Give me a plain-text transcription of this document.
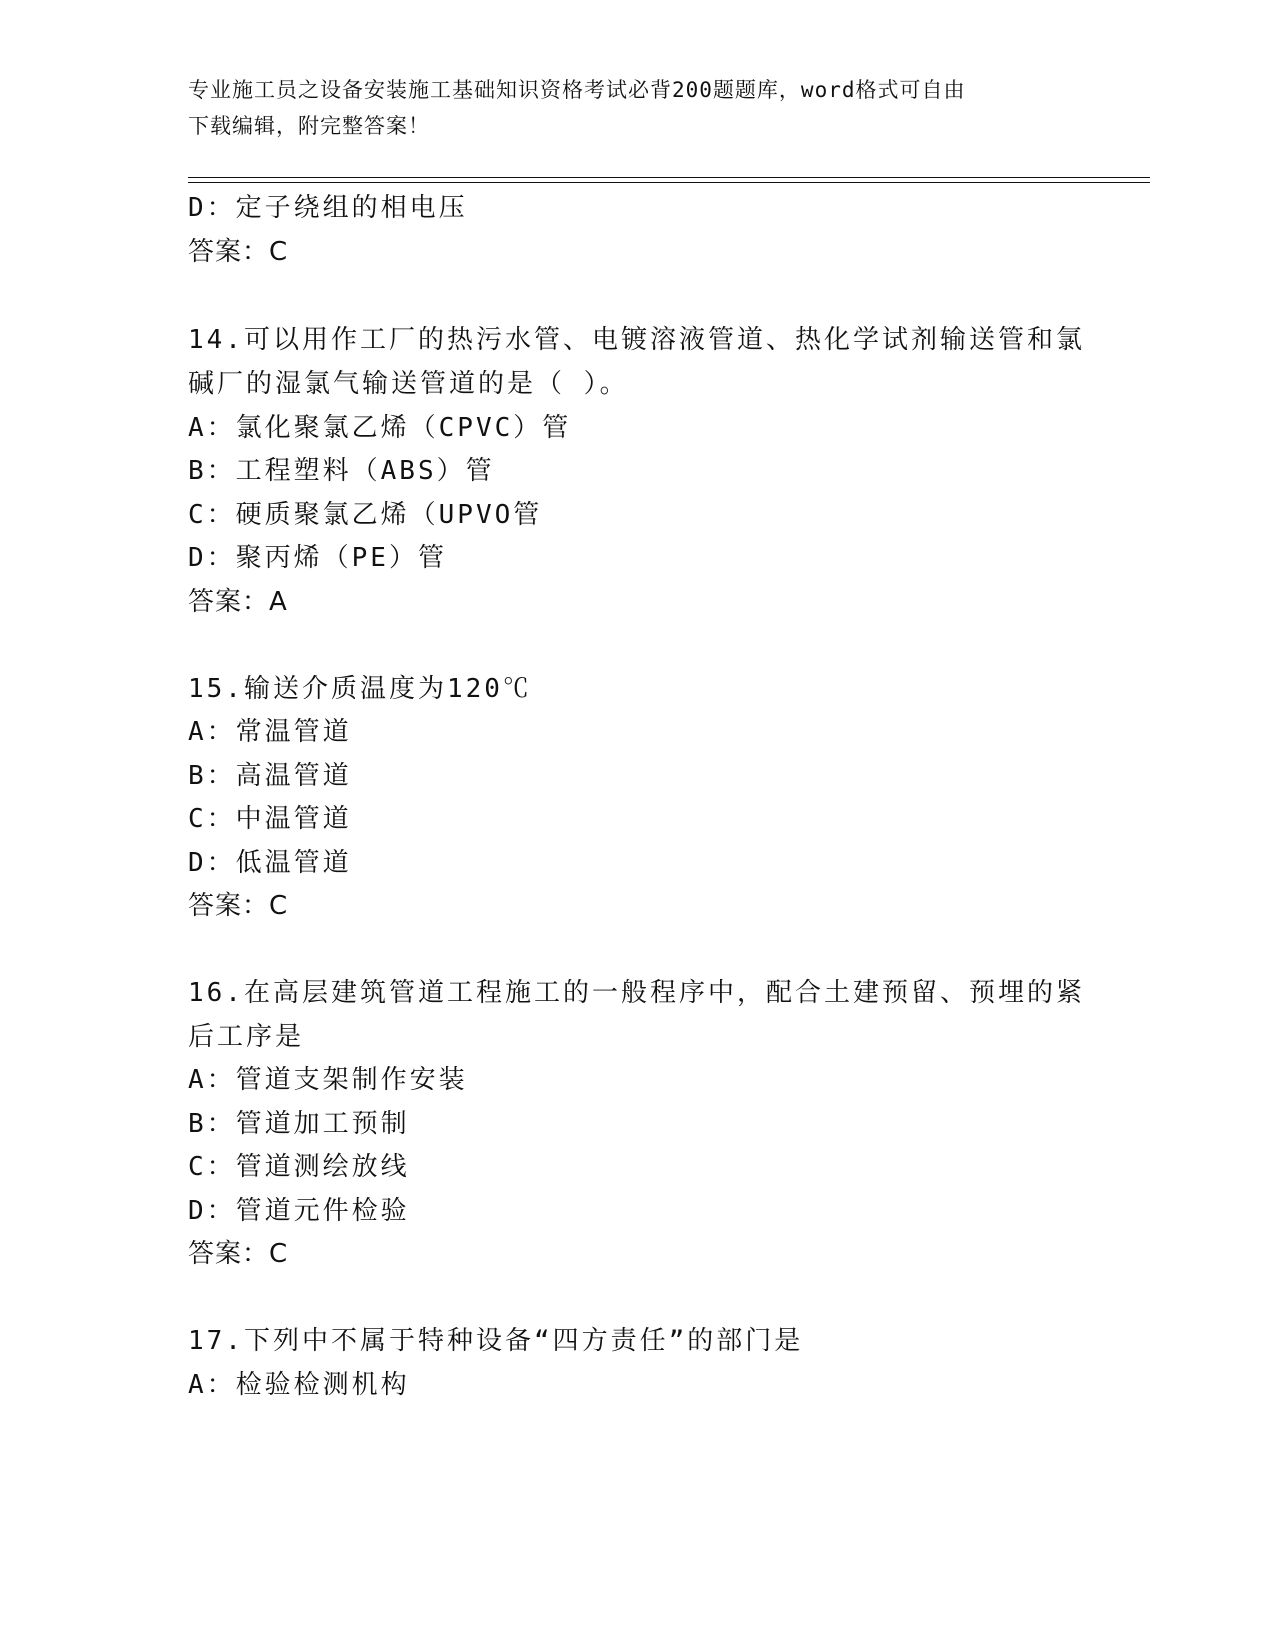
专业施工员之设备安装施工基础知识资格考试必背200题题库，word格式可自由
下载编辑，附完整答案！
D：定子绕组的相电压
答案：C
14.可以用作工厂的热污水管、电镀溶液管道、热化学试剂输送管和氯
碱厂的湿氯气输送管道的是（ ）。
A：氯化聚氯乙烯（CPVC）管
B：工程塑料（ABS）管
C：硬质聚氯乙烯（UPVO管
D：聚丙烯（PE）管
答案：A
15.输送介质温度为120℃
A：常温管道
B：高温管道
C：中温管道
D：低温管道
答案：C
16.在高层建筑管道工程施工的一般程序中，配合土建预留、预埋的紧
后工序是
A：管道支架制作安装
B：管道加工预制
C：管道测绘放线
D：管道元件检验
答案：C
17.下列中不属于特种设备“四方责任”的部门是
A：检验检测机构
